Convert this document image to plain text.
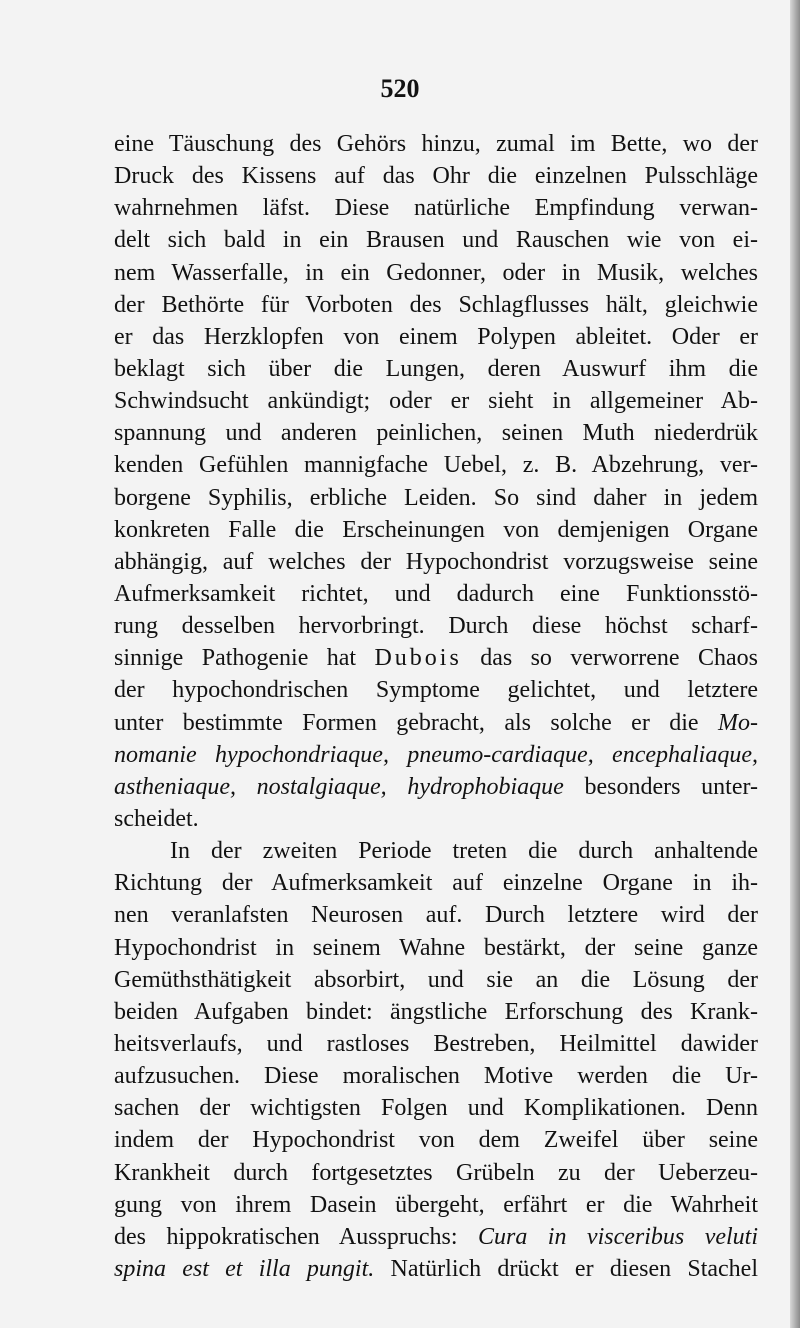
520
eine Täuschung des Gehörs hinzu, zumal im Bette, wo der
Druck des Kissens auf das Ohr die einzelnen Pulsschläge
wahrnehmen läfst. Diese natürliche Empfindung verwan-
delt sich bald in ein Brausen und Rauschen wie von ei-
nem Wasserfalle, in ein Gedonner, oder in Musik, welches
der Bethörte für Vorboten des Schlagflusses hält, gleichwie
er das Herzklopfen von einem Polypen ableitet. Oder er
beklagt sich über die Lungen, deren Auswurf ihm die
Schwindsucht ankündigt; oder er sieht in allgemeiner Ab-
spannung und anderen peinlichen, seinen Muth niederdrük
kenden Gefühlen mannigfache Uebel, z. B. Abzehrung, ver-
borgene Syphilis, erbliche Leiden. So sind daher in jedem
konkreten Falle die Erscheinungen von demjenigen Organe
abhängig, auf welches der Hypochondrist vorzugsweise seine
Aufmerksamkeit richtet, und dadurch eine Funktionsstö-
rung desselben hervorbringt. Durch diese höchst scharf-
sinnige Pathogenie hat Dubois das so verworrene Chaos
der hypochondrischen Symptome gelichtet, und letztere
unter bestimmte Formen gebracht, als solche er die Mo-
nomanie hypochondriaque, pneumo-cardiaque, encephaliaque,
astheniaque, nostalgiaque, hydrophobiaque besonders unter-
scheidet.
In der zweiten Periode treten die durch anhaltende
Richtung der Aufmerksamkeit auf einzelne Organe in ih-
nen veranlafsten Neurosen auf. Durch letztere wird der
Hypochondrist in seinem Wahne bestärkt, der seine ganze
Gemüthsthätigkeit absorbirt, und sie an die Lösung der
beiden Aufgaben bindet: ängstliche Erforschung des Krank-
heitsverlaufs, und rastloses Bestreben, Heilmittel dawider
aufzusuchen. Diese moralischen Motive werden die Ur-
sachen der wichtigsten Folgen und Komplikationen. Denn
indem der Hypochondrist von dem Zweifel über seine
Krankheit durch fortgesetztes Grübeln zu der Ueberzeu-
gung von ihrem Dasein übergeht, erfährt er die Wahrheit
des hippokratischen Ausspruchs: Cura in visceribus veluti
spina est et illa pungit. Natürlich drückt er diesen Stachel
